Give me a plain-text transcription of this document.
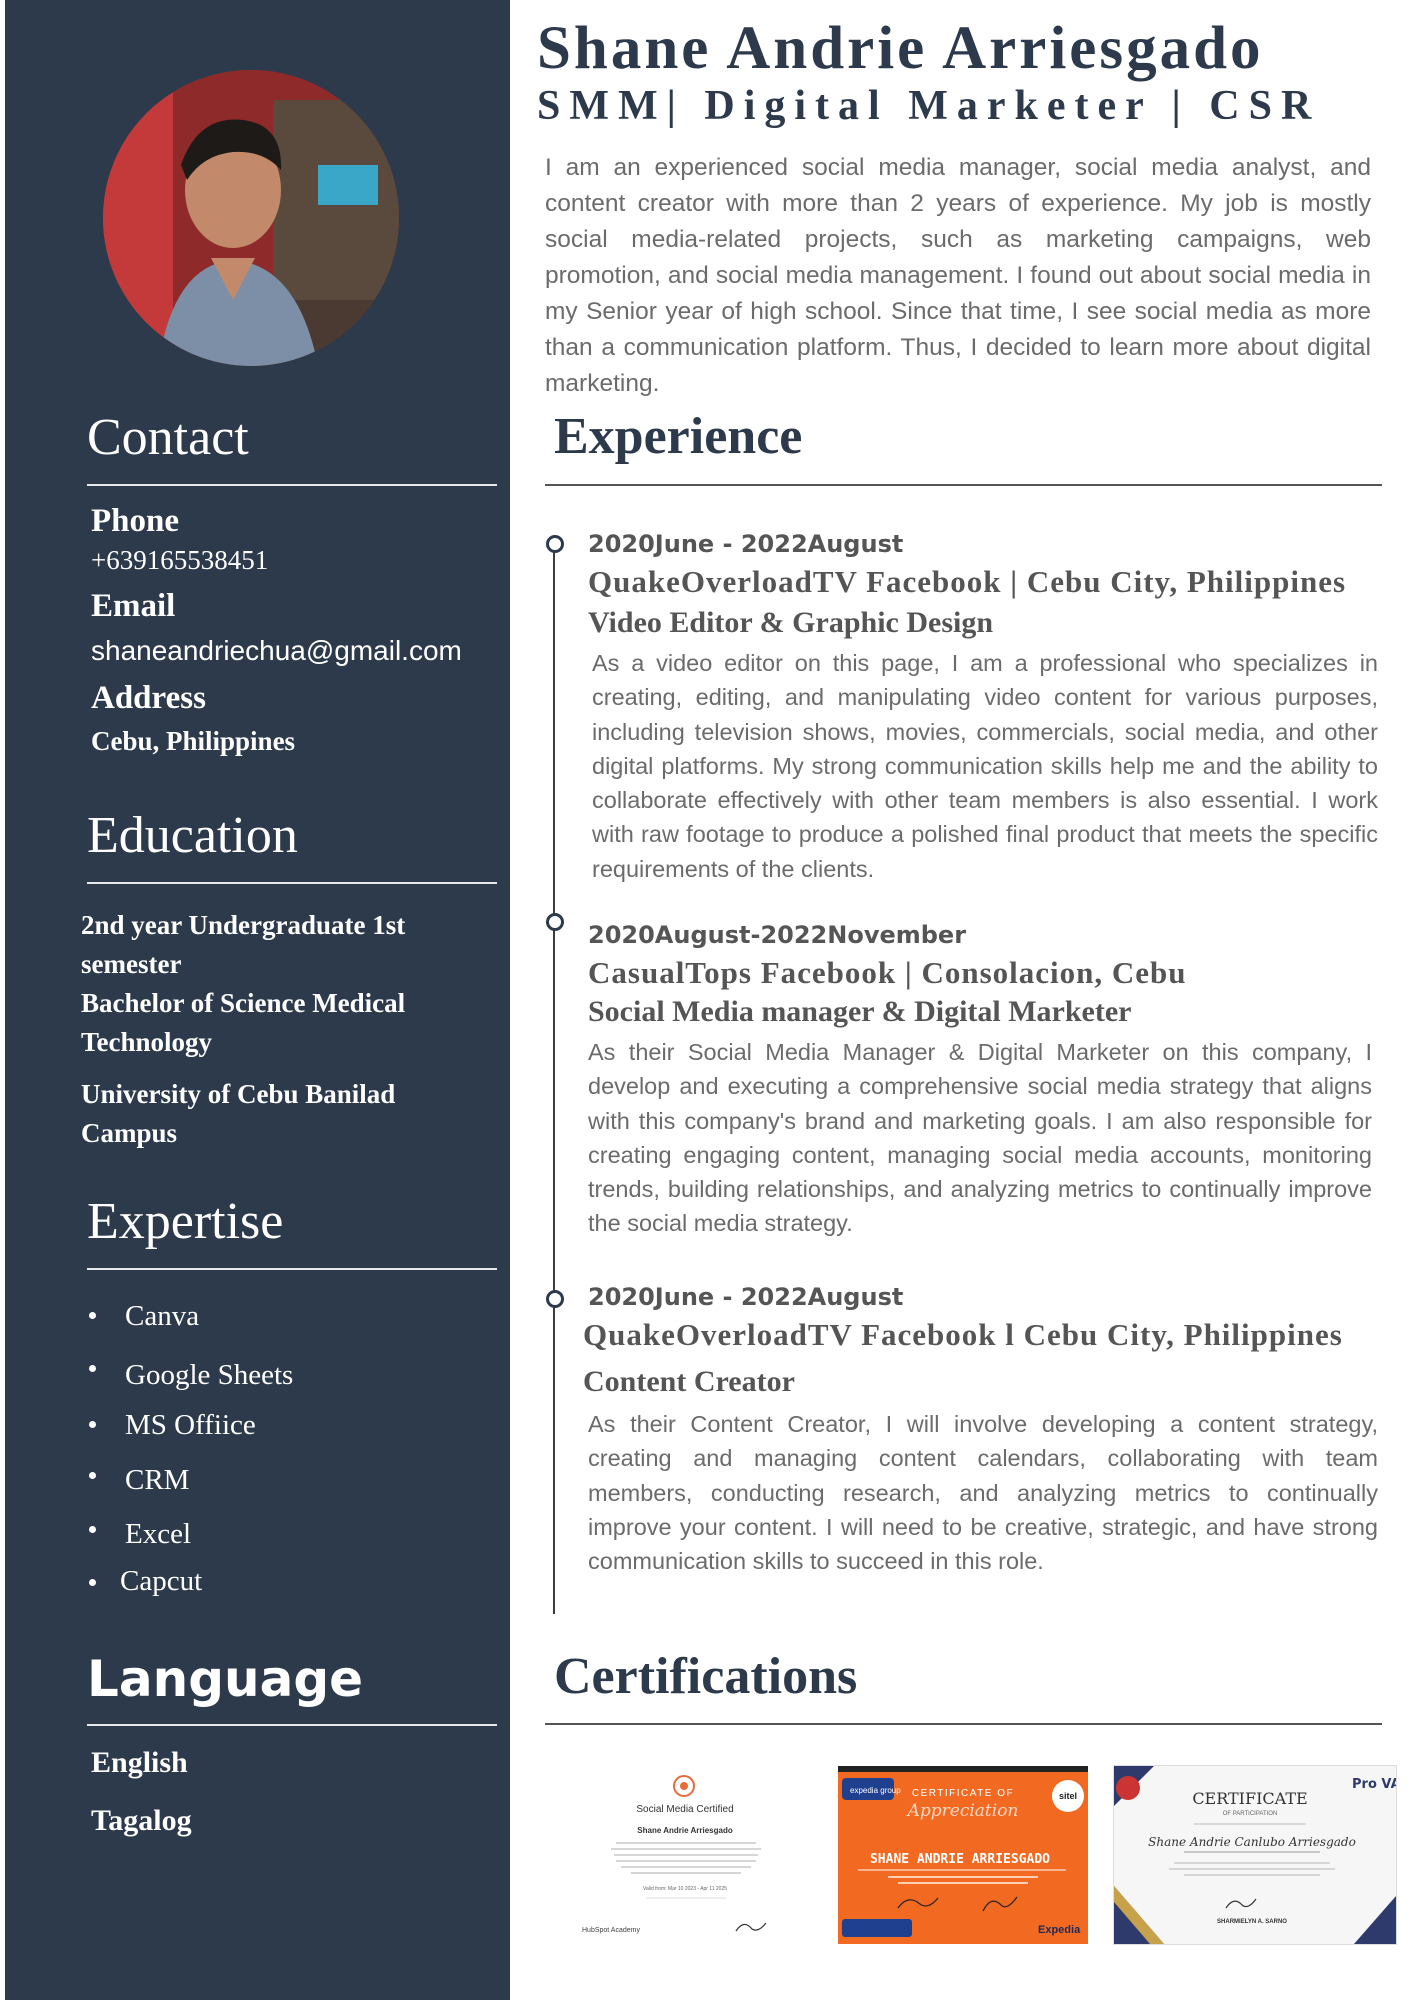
Contact
Phone
+639165538451
Email
shaneandriechua@gmail.com
Address
Cebu, Philippines
Education
2nd year Undergraduate 1st
semester
Bachelor of Science Medical
Technology
University of Cebu Banilad
Campus
Expertise
Canva
Google Sheets
MS Offiice
CRM
Excel
Capcut
Language
English
Tagalog
Shane Andrie Arriesgado
SMM| Digital Marketer | CSR

I am an experienced social media manager, social media analyst, and content creator with more than 2 years of experience. My job is mostly social media-related projects, such as marketing campaigns, web promotion, and social media management. I found out about social media in my Senior year of high school. Since that time, I see social media as more than a communication platform. Thus, I decided to learn more about digital marketing.

Experience

2020June - 2022August

QuakeOverloadTV Facebook | Cebu City, Philippines

Video Editor & Graphic Design

As a video editor on this page, I am a professional who specializes in creating, editing, and manipulating video content for various purposes, including television shows, movies, commercials, social media, and other digital platforms. My strong communication skills help me and the ability to collaborate effectively with other team members is also essential. I work with raw footage to produce a polished final product that meets the specific requirements of the clients.

2020August-2022November

CasualTops Facebook | Consolacion, Cebu

Social Media manager & Digital Marketer

As their Social Media Manager & Digital Marketer on this company, I develop and executing a comprehensive social media strategy that aligns with this company's brand and marketing goals. I am also responsible for creating engaging content, managing social media accounts, monitoring trends, building relationships, and analyzing metrics to continually improve the social media strategy.

2020June - 2022August

QuakeOverloadTV Facebook l Cebu City, Philippines

Content Creator

As their Content Creator, I will involve developing a content strategy, creating and managing content calendars, collaborating with team members, conducting research, and analyzing metrics to continually improve your content. I will need to be creative, strategic, and have strong communication skills to succeed in this role.

Certifications
Social Media Certified
Shane Andrie Arriesgado
Valid from: Mar 10 2023 - Apr 11 2025
HubSpot Academy
expedia group
sitel
CERTIFICATE OF
Appreciation
SHANE ANDRIE ARRIESGADO
Expedia
Pro VA
CERTIFICATE
OF PARTICIPATION
Shane Andrie Canlubo Arriesgado
SHARMIELYN A. SARNO
